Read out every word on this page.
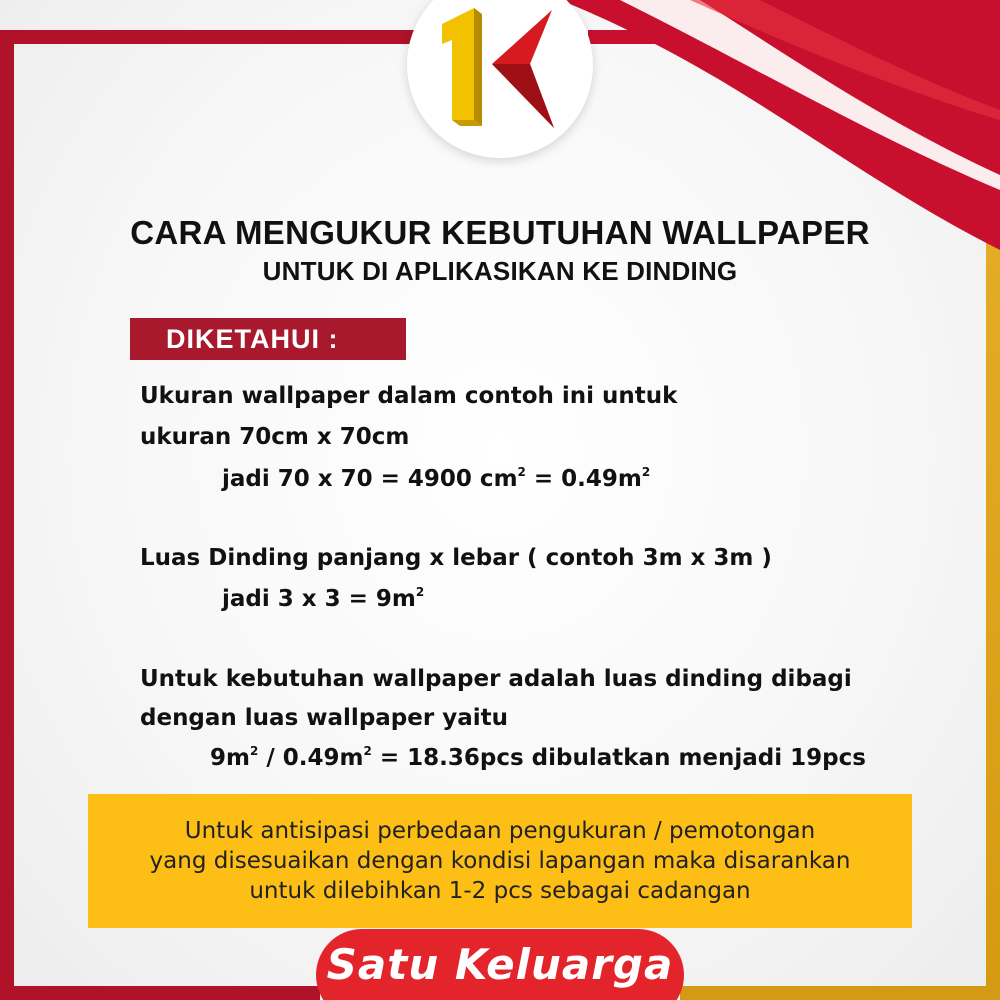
CARA MENGUKUR KEBUTUHAN WALLPAPER
UNTUK DI APLIKASIKAN KE DINDING
DIKETAHUI :
Ukuran wallpaper dalam contoh ini untuk
ukuran 70cm x 70cm
jadi 70 x 70 = 4900 $cm^2 = 0.49m^2$
Luas Dinding panjang x lebar ( contoh 3m x 3m )
jadi 3 x $3 = 9m^2$
Untuk kebutuhan wallpaper adalah luas dinding dibagi
dengan luas wallpaper yaitu
$9m^2 / 0.49m^2 = 18.36pcs$ dibulatkan menjadi 19pcs
Untuk antisipasi perbedaan pengukuran / pemotongan
yang disesuaikan dengan kondisi lapangan maka disarankan
untuk dilebihkan 1-2 pcs sebagai cadangan
Satu Keluarga
